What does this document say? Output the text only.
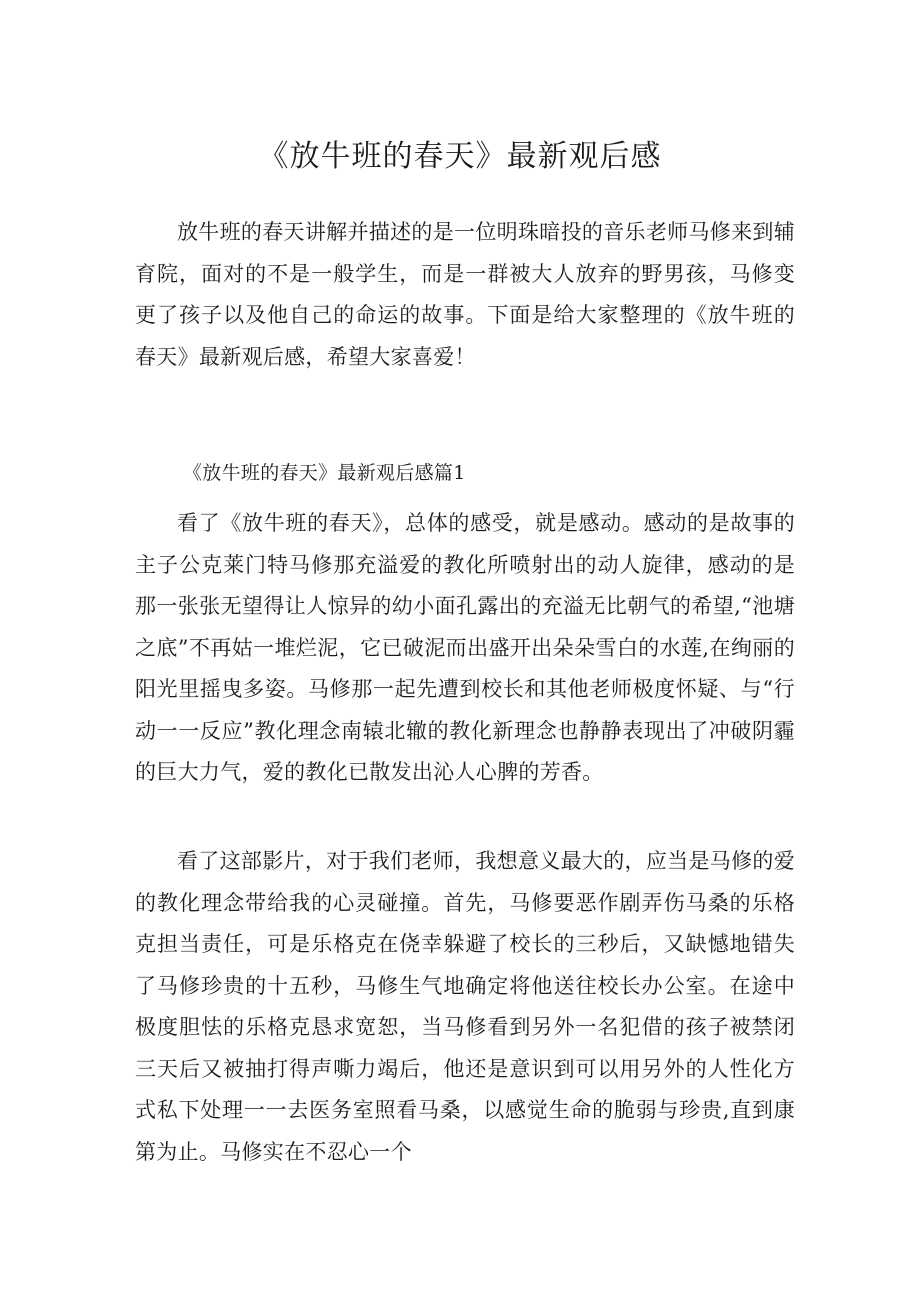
《放牛班的春天》最新观后感

放牛班的春天讲解并描述的是一位明珠暗投的音乐老师马修来到辅育院，面对的不是一般学生，而是一群被大人放弃的野男孩，马修变更了孩子以及他自己的命运的故事。下面是给大家整理的《放牛班的春天》最新观后感，希望大家喜爱！

《放牛班的春天》最新观后感篇1

看了《放牛班的春天》，总体的感受，就是感动。感动的是故事的主子公克莱门特马修那充溢爱的教化所喷射出的动人旋律，感动的是那一张张无望得让人惊异的幼小面孔露出的充溢无比朝气的希望,“池塘之底”不再姑一堆烂泥，它已破泥而出盛开出朵朵雪白的水莲,在绚丽的阳光里摇曳多姿。马修那一起先遭到校长和其他老师极度怀疑、与“行动一一反应”教化理念南辕北辙的教化新理念也静静表现出了冲破阴霾的巨大力气，爱的教化已散发出沁人心脾的芳香。

看了这部影片，对于我们老师，我想意义最大的，应当是马修的爱的教化理念带给我的心灵碰撞。首先，马修要恶作剧弄伤马桑的乐格克担当责任，可是乐格克在侥幸躲避了校长的三秒后，又缺憾地错失了马修珍贵的十五秒，马修生气地确定将他送往校长办公室。在途中极度胆怯的乐格克恳求宽恕，当马修看到另外一名犯借的孩子被禁闭三天后又被抽打得声嘶力竭后，他还是意识到可以用另外的人性化方式私下处理一一去医务室照看马桑，以感觉生命的脆弱与珍贵,直到康第为止。马修实在不忍心一个
